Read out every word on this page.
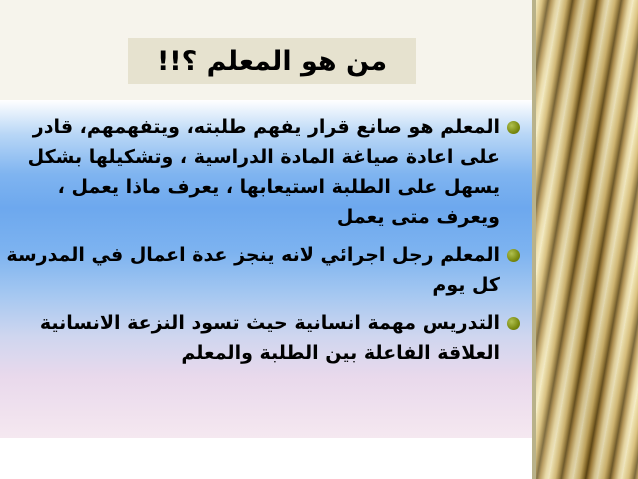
من هو المعلم ؟!!
المعلم هو صانع قرار يفهم طلبته، ويتفهمهم، قادر على اعادة صياغة المادة الدراسية ، وتشكيلها بشكل يسهل على الطلبة استيعابها ، يعرف ماذا يعمل ، ويعرف متى يعمل
المعلم رجل اجرائي لانه ينجز عدة اعمال في المدرسة كل يوم
التدريس مهمة انسانية حيث تسود النزعة الانسانية العلاقة الفاعلة بين الطلبة والمعلم
